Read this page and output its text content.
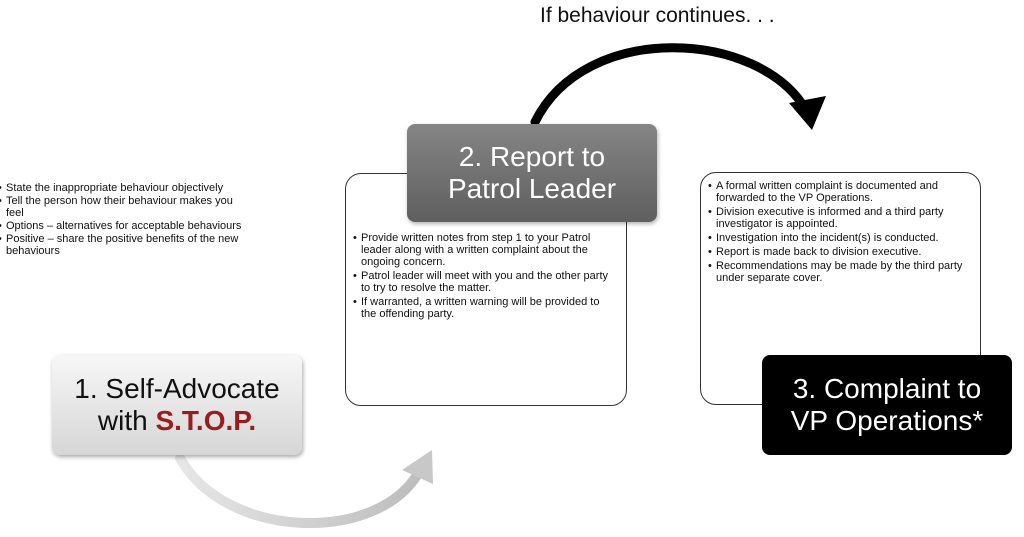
If behaviour continues. . .
• State the inappropriate behaviour objectively
• Tell the person how their behaviour makes you feel
• Options – alternatives for acceptable behaviours
• Positive – share the positive benefits of the new behaviours
1. Self-Advocate
with S.T.O.P.
• Provide written notes from step 1 to your Patrol leader along with a written complaint about the ongoing concern.
• Patrol leader will meet with you and the other party to try to resolve the matter.
• If warranted, a written warning will be provided to the offending party.
2. Report to
Patrol Leader
•	A formal written complaint is documented and forwarded to the VP Operations.
• Division executive is informed and a third party investigator is appointed.
• Investigation into the incident(s) is conducted.
• Report is made back to division executive.
• Recommendations may be made by the third party under separate cover.
3. Complaint to
VP Operations*
